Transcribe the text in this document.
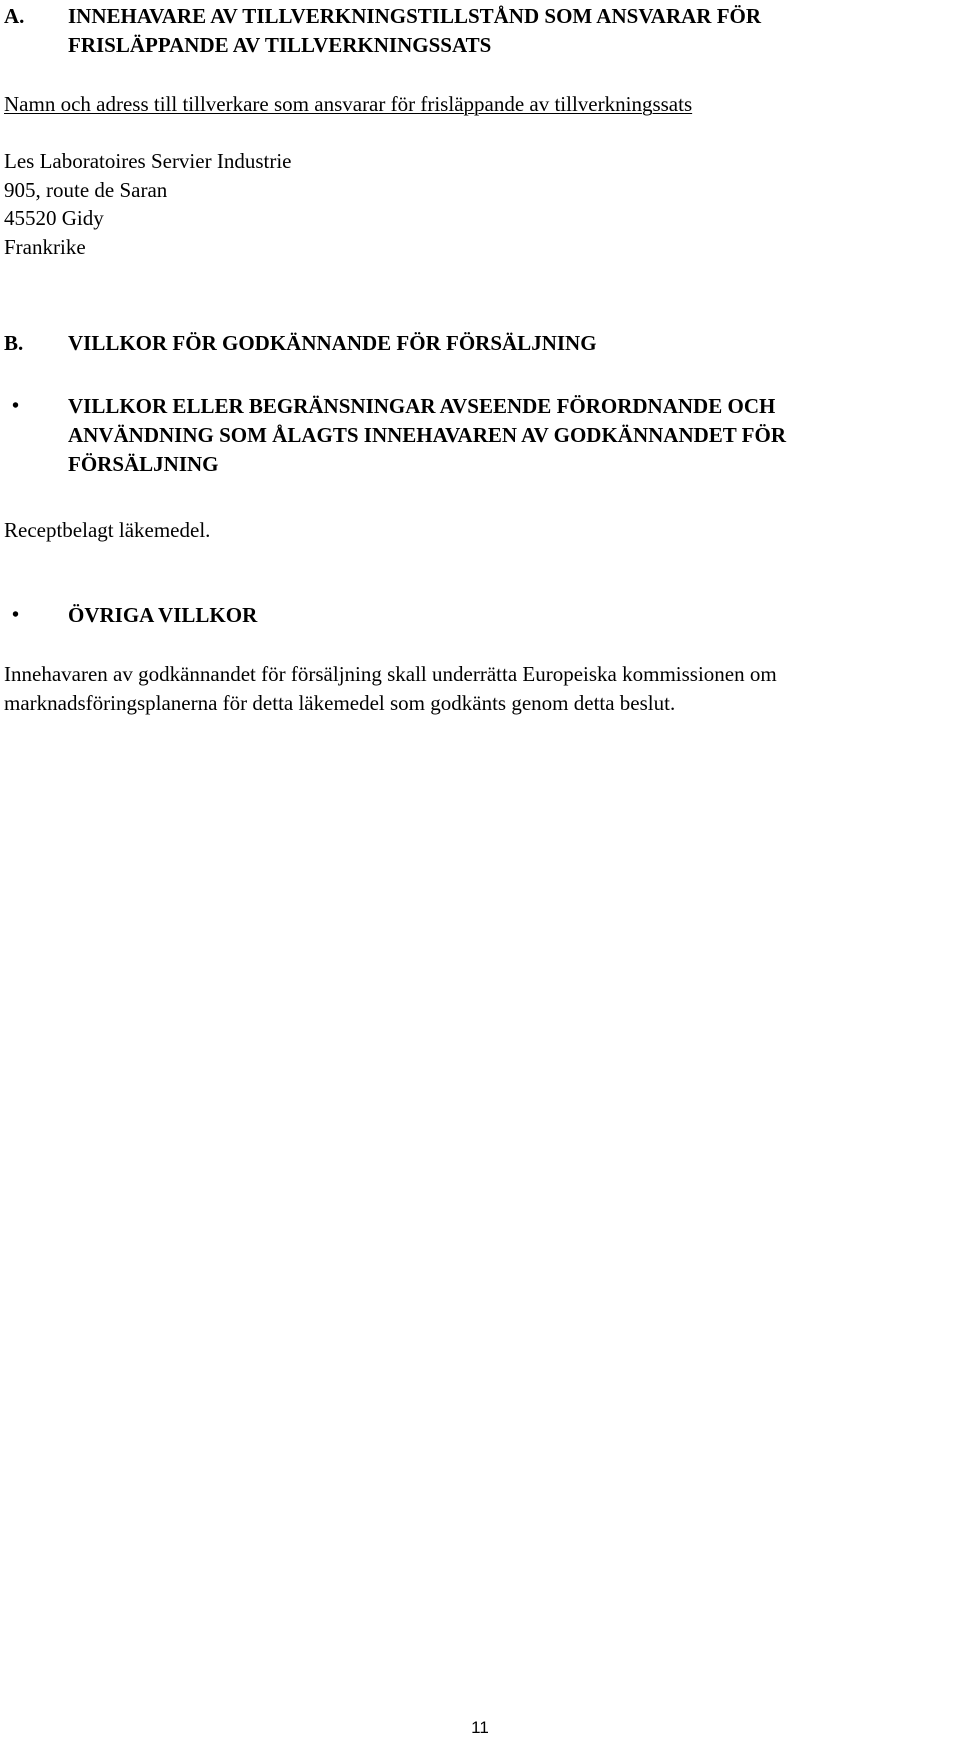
A.	INNEHAVARE AV TILLVERKNINGSTILLSTÅND SOM ANSVARAR FÖR
FRISLÄPPANDE AV TILLVERKNINGSSATS
Namn och adress till tillverkare som ansvarar för frisläppande av tillverkningssats
Les Laboratoires Servier Industrie
905, route de Saran
45520 Gidy
Frankrike
B.	VILLKOR FÖR GODKÄNNANDE FÖR FÖRSÄLJNING
• VILLKOR ELLER BEGRÄNSNINGAR AVSEENDE FÖRORDNANDE OCH
ANVÄNDNING SOM ÅLAGTS INNEHAVAREN AV GODKÄNNANDET FÖR
FÖRSÄLJNING
Receptbelagt läkemedel.
• ÖVRIGA VILLKOR
Innehavaren av godkännandet för försäljning skall underrätta Europeiska kommissionen om
marknadsföringsplanerna för detta läkemedel som godkänts genom detta beslut.
11
